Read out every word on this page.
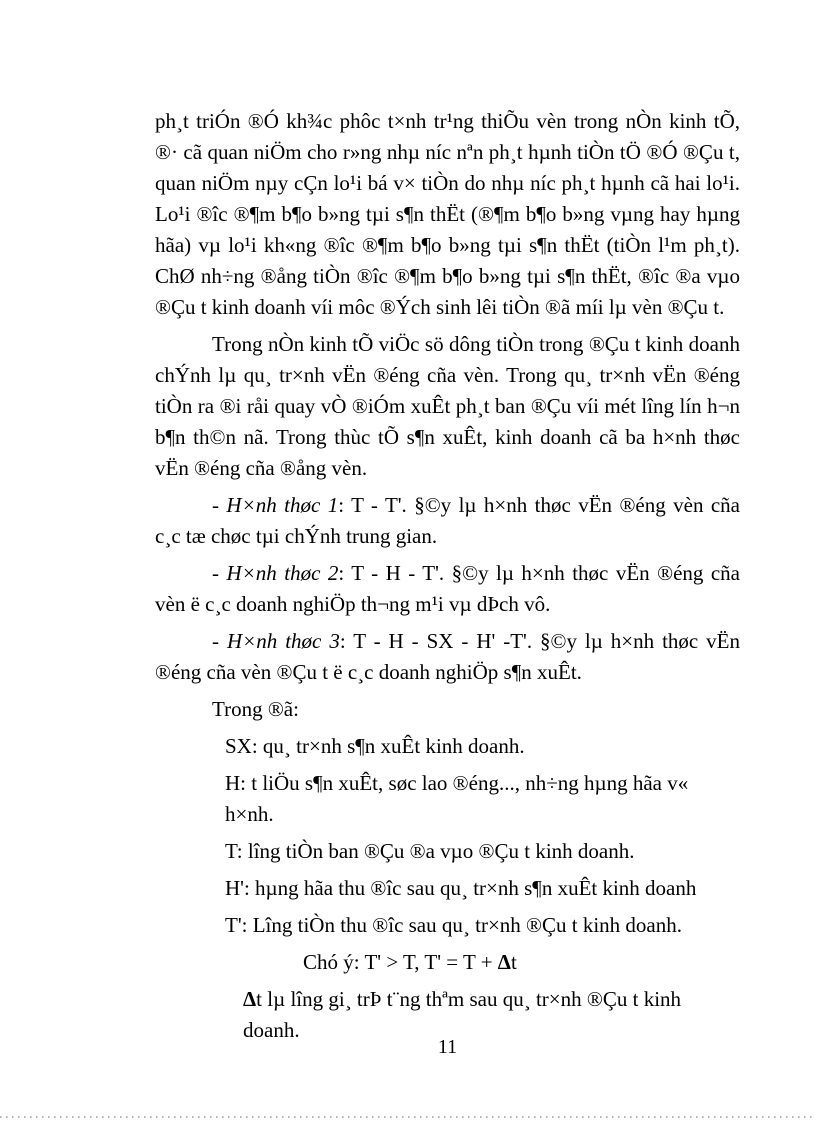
ph¸t triÓn ®Ó kh¾c phôc t×nh tr¹ng thiÕu vèn trong nÒn kinh tÕ, ®· cã quan niÖm cho r»ng nhµ níc nªn ph¸t hµnh tiÒn tÖ ®Ó ®Çu t, quan niÖm nµy cÇn lo¹i bá v× tiÒn do nhµ níc ph¸t hµnh cã hai lo¹i. Lo¹i ®îc ®¶m b¶o b»ng tµi s¶n thËt (®¶m b¶o b»ng vµng hay hµng hãa) vµ lo¹i kh«ng ®îc ®¶m b¶o b»ng tµi s¶n thËt (tiÒn l¹m ph¸t). ChØ nh÷ng ®ång tiÒn ®îc ®¶m b¶o b»ng tµi s¶n thËt, ®îc ®a vµo ®Çu t kinh doanh víi môc ®Ých sinh lêi tiÒn ®ã míi lµ vèn ®Çu t.

Trong nÒn kinh tÕ viÖc sö dông tiÒn trong ®Çu t kinh doanh chÝnh lµ qu¸ tr×nh vËn ®éng cña vèn. Trong qu¸ tr×nh vËn ®éng tiÒn ra ®i råi quay vÒ ®iÓm xuÊt ph¸t ban ®Çu víi mét lîng lín h¬n b¶n th©n nã. Trong thùc tÕ s¶n xuÊt, kinh doanh cã ba h×nh thøc vËn ®éng cña ®ång vèn.

- H×nh thøc 1: T - T'. §©y lµ h×nh thøc vËn ®éng vèn cña c¸c tæ chøc tµi chÝnh trung gian.

- H×nh thøc 2: T - H - T'. §©y lµ h×nh thøc vËn ®éng cña vèn ë c¸c doanh nghiÖp th¬ng m¹i vµ dÞch vô.

- H×nh thøc 3: T - H - SX - H' -T'. §©y lµ h×nh thøc vËn ®éng cña vèn ®Çu t ë c¸c doanh nghiÖp s¶n xuÊt.

Trong ®ã:

SX: qu¸ tr×nh s¶n xuÊt kinh doanh.

H: t liÖu s¶n xuÊt, søc lao ®éng..., nh÷ng hµng hãa v« h×nh.

T: lîng tiÒn ban ®Çu ®a vµo ®Çu t kinh doanh.

H': hµng hãa thu ®îc sau qu¸ tr×nh s¶n xuÊt kinh doanh

T': Lîng tiÒn thu ®îc sau qu¸ tr×nh ®Çu t kinh doanh.

Chó ý: T' > T, T' = T + Δt

Δt lµ lîng gi¸ trÞ t¨ng thªm sau qu¸ tr×nh ®Çu t kinh doanh.

11
